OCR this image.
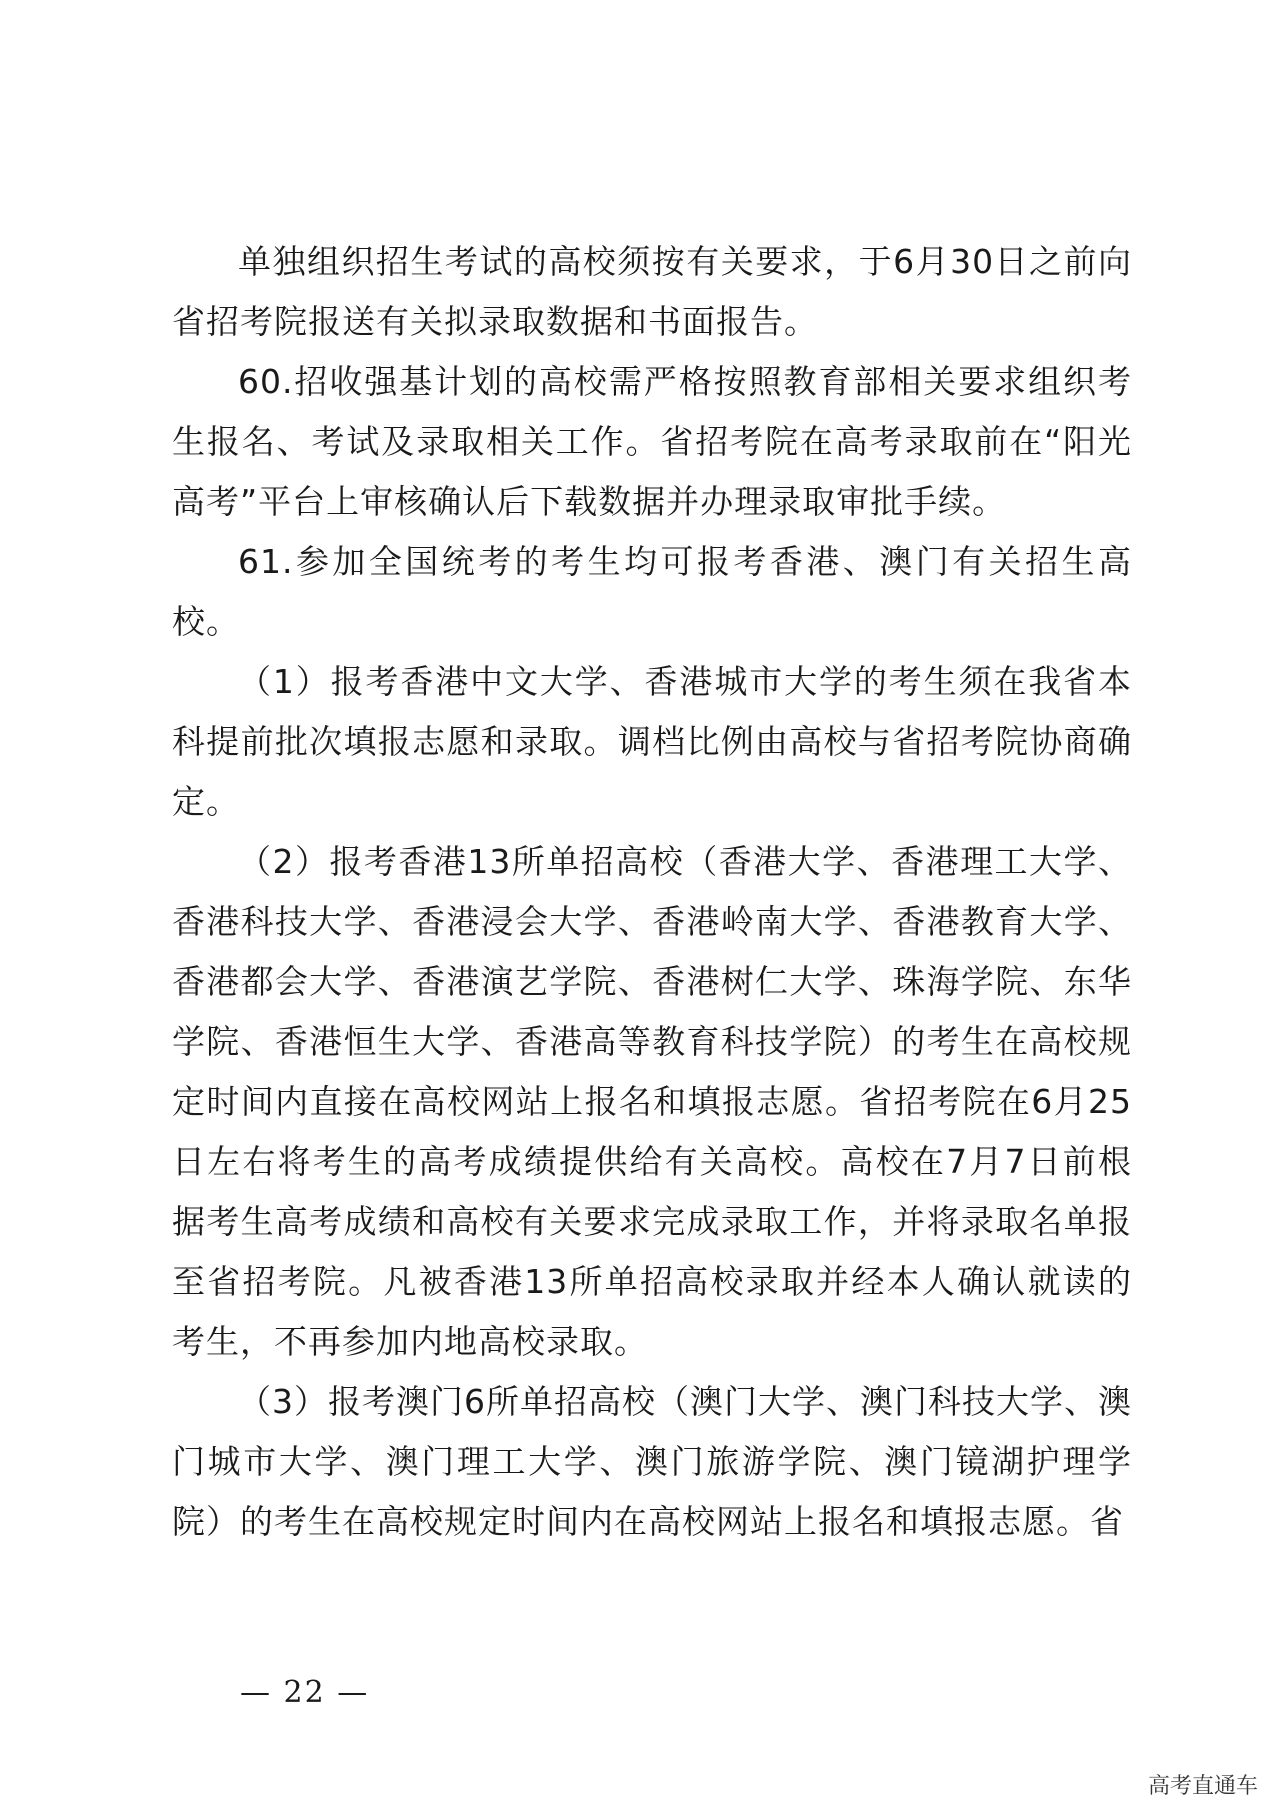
单独组织招生考试的高校须按有关要求，于6月30日之前向省招考院报送有关拟录取数据和书面报告。

60.招收强基计划的高校需严格按照教育部相关要求组织考生报名、考试及录取相关工作。省招考院在高考录取前在“阳光高考”平台上审核确认后下载数据并办理录取审批手续。

61.参加全国统考的考生均可报考香港、澳门有关招生高校。

（1）报考香港中文大学、香港城市大学的考生须在我省本科提前批次填报志愿和录取。调档比例由高校与省招考院协商确定。

（2）报考香港13所单招高校（香港大学、香港理工大学、香港科技大学、香港浸会大学、香港岭南大学、香港教育大学、香港都会大学、香港演艺学院、香港树仁大学、珠海学院、东华学院、香港恒生大学、香港高等教育科技学院）的考生在高校规定时间内直接在高校网站上报名和填报志愿。省招考院在6月25日左右将考生的高考成绩提供给有关高校。高校在7月7日前根据考生高考成绩和高校有关要求完成录取工作，并将录取名单报至省招考院。凡被香港13所单招高校录取并经本人确认就读的考生，不再参加内地高校录取。

（3）报考澳门6所单招高校（澳门大学、澳门科技大学、澳门城市大学、澳门理工大学、澳门旅游学院、澳门镜湖护理学院）的考生在高校规定时间内在高校网站上报名和填报志愿。省

— 22 —
高考直通车
